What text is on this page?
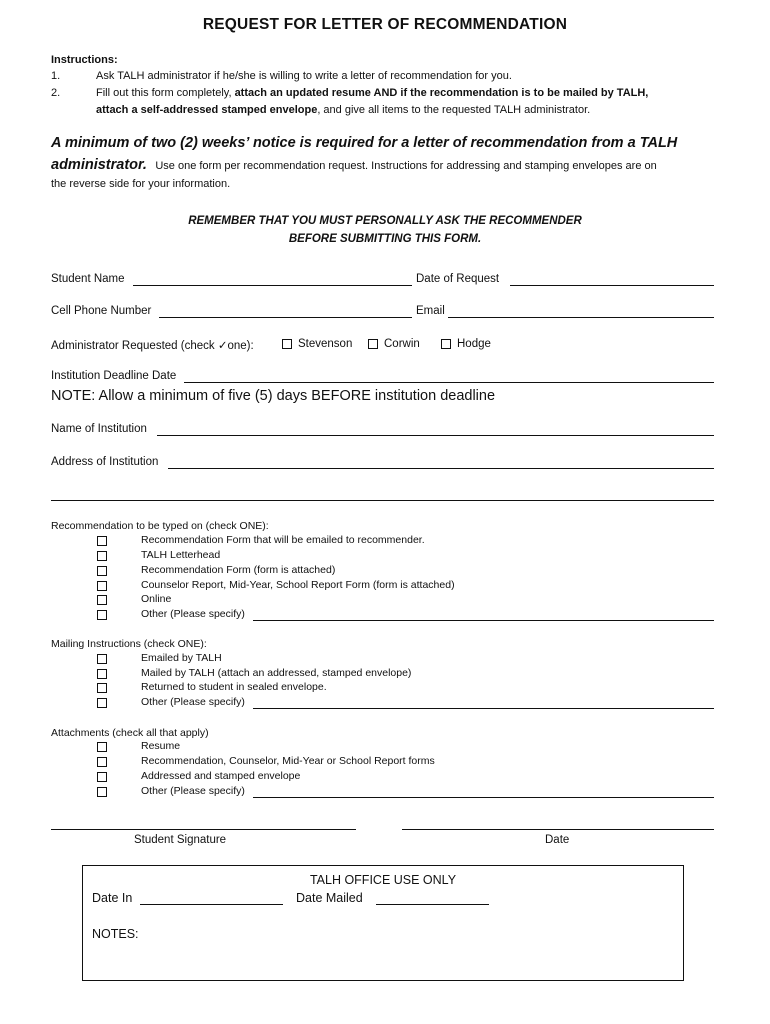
REQUEST FOR LETTER OF RECOMMENDATION
Instructions:
1.	Ask TALH administrator if he/she is willing to write a letter of recommendation for you.
2.	Fill out this form completely, attach an updated resume AND if the recommendation is to be mailed by TALH,
attach a self-addressed stamped envelope, and give all items to the requested TALH administrator.
A minimum of two (2) weeks’ notice is required for a letter of recommendation from a TALH
administrator. Use one form per recommendation request. Instructions for addressing and stamping envelopes are on
the reverse side for your information.
REMEMBER THAT YOU MUST PERSONALLY ASK THE RECOMMENDER
BEFORE SUBMITTING THIS FORM.
Student Name	Date of Request
Cell Phone Number	Email
Administrator Requested (check ✓one):	Stevenson	Corwin	Hodge
Institution Deadline Date
NOTE: Allow a minimum of five (5) days BEFORE institution deadline
Name of Institution
Address of Institution
Recommendation to be typed on (check ONE):
Recommendation Form that will be emailed to recommender.
TALH Letterhead
Recommendation Form (form is attached)
Counselor Report, Mid-Year, School Report Form (form is attached)
Online
Other (Please specify)
Mailing Instructions (check ONE):
Emailed by TALH
Mailed by TALH (attach an addressed, stamped envelope)
Returned to student in sealed envelope.
Other (Please specify)
Attachments (check all that apply)
Resume
Recommendation, Counselor, Mid-Year or School Report forms
Addressed and stamped envelope
Other (Please specify)
Student Signature	Date
TALH OFFICE USE ONLY
Date In	Date Mailed
NOTES:
